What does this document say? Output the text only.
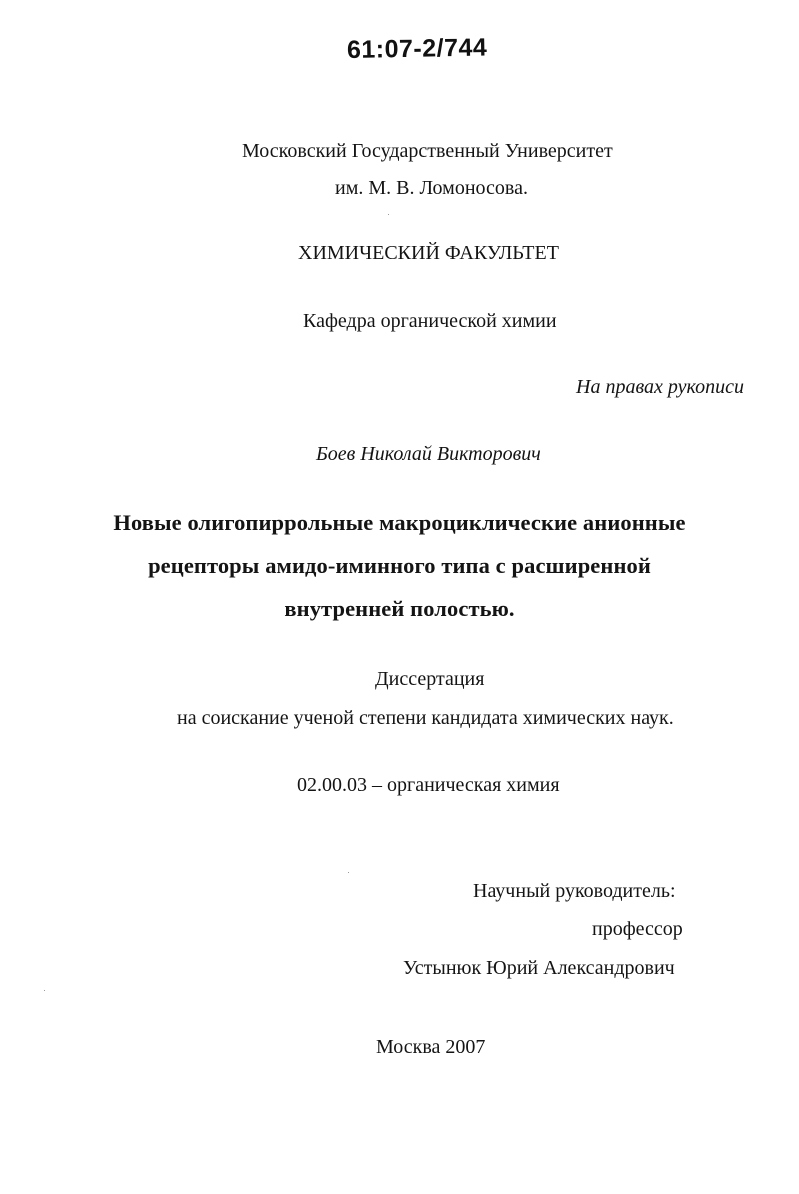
61:07-2/744
Московский Государственный Университет
им. М. В. Ломоносова.
ХИМИЧЕСКИЙ ФАКУЛЬТЕТ
Кафедра органической химии
На правах рукописи
Боев Николай Викторович
Новые олигопиррольные макроциклические анионные
рецепторы амидо-иминного типа с расширенной
внутренней полостью.
Диссертация
на соискание ученой степени кандидата химических наук.
02.00.03 – органическая химия
Научный руководитель:
профессор
Устынюк Юрий Александрович
Москва 2007
